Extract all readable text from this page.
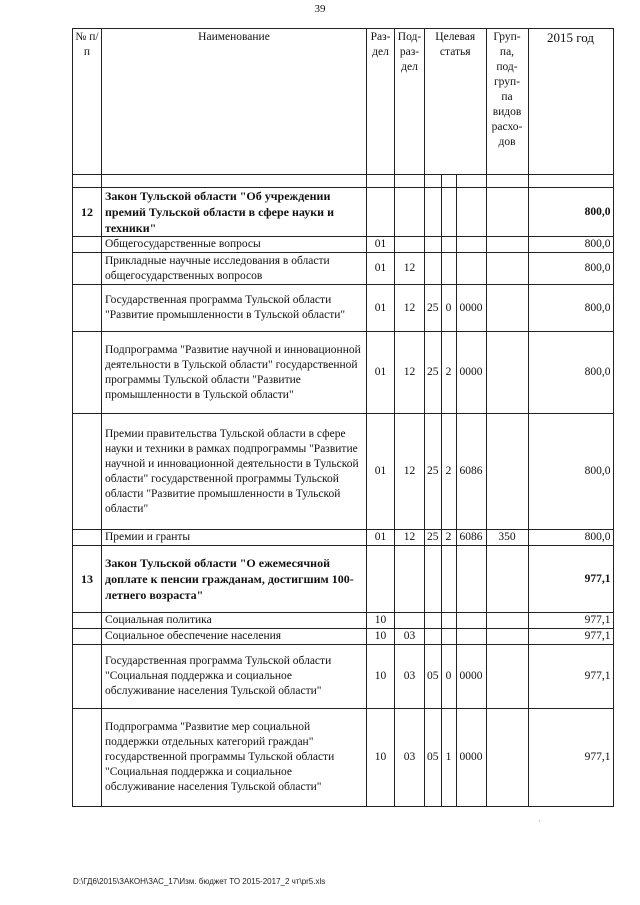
39
№ п/п	Наименование	Раз-дел	Под-раз-дел	Целевая статья			Груп-па, под-груп-па видов расхо-дов	2015 год

12	Закон Тульской области "Об учреждении премий Тульской области в сфере науки и техники"							800,0
	Общегосударственные вопросы	01						800,0
	Прикладные научные исследования в области общегосударственных вопросов	01	12					800,0
	Государственная программа Тульской области "Развитие промышленности в Тульской области"	01	12	25	0	0000		800,0
	Подпрограмма "Развитие научной и инновационной деятельности в Тульской области" государственной программы Тульской области "Развитие промышленности в Тульской области"	01	12	25	2	0000		800,0
	Премии правительства Тульской области в сфере науки и техники в рамках подпрограммы "Развитие научной и инновационной деятельности в Тульской области" государственной программы Тульской области "Развитие промышленности в Тульской области"	01	12	25	2	6086		800,0
	Премии и гранты	01	12	25	2	6086	350	800,0
13	Закон Тульской области "О ежемесячной доплате к пенсии гражданам, достигшим 100-летнего возраста"							977,1
	Социальная политика	10						977,1
	Социальное обеспечение населения	10	03					977,1
	Государственная программа Тульской области "Социальная поддержка и социальное обслуживание населения Тульской области"	10	03	05	0	0000		977,1
	Подпрограмма "Развитие мер социальной поддержки отдельных категорий граждан" государственной программы Тульской области "Социальная поддержка и социальное обслуживание населения Тульской области"	10	03	05	1	0000		977,1
·
D:\ГД6\2015\ЗАКОН\ЗАС_17\Изм. бюджет ТО 2015-2017_2 чт\pr5.xls
